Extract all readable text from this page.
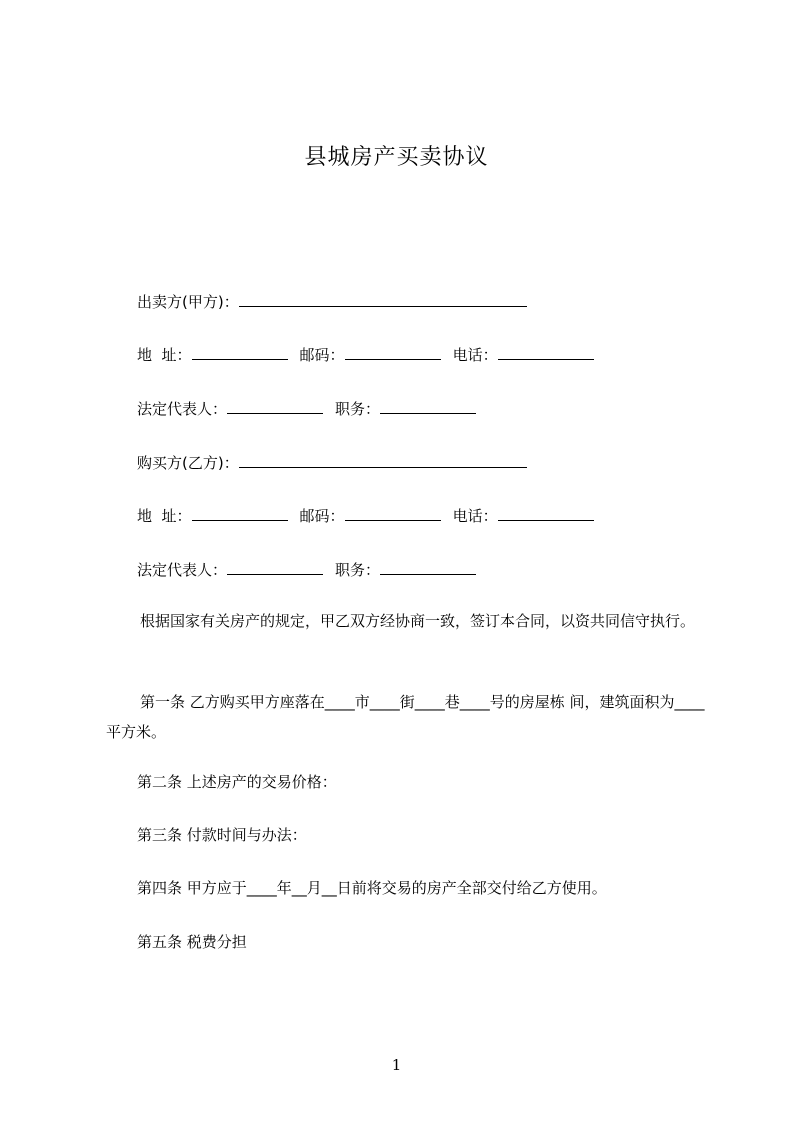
县城房产买卖协议
出卖方(甲方)：
地  址：	邮码：	电话：
法定代表人：	职务：
购买方(乙方)：
地  址：	邮码：	电话：
法定代表人：	职务：
根据国家有关房产的规定，甲乙双方经协商一致，签订本合同，以资共同信守执行。
第一条 乙方购买甲方座落在____市____街____巷____号的房屋栋 间，建筑面积为____平方米。
第二条 上述房产的交易价格：
第三条 付款时间与办法：
第四条 甲方应于____年__月__日前将交易的房产全部交付给乙方使用。
第五条 税费分担
1
